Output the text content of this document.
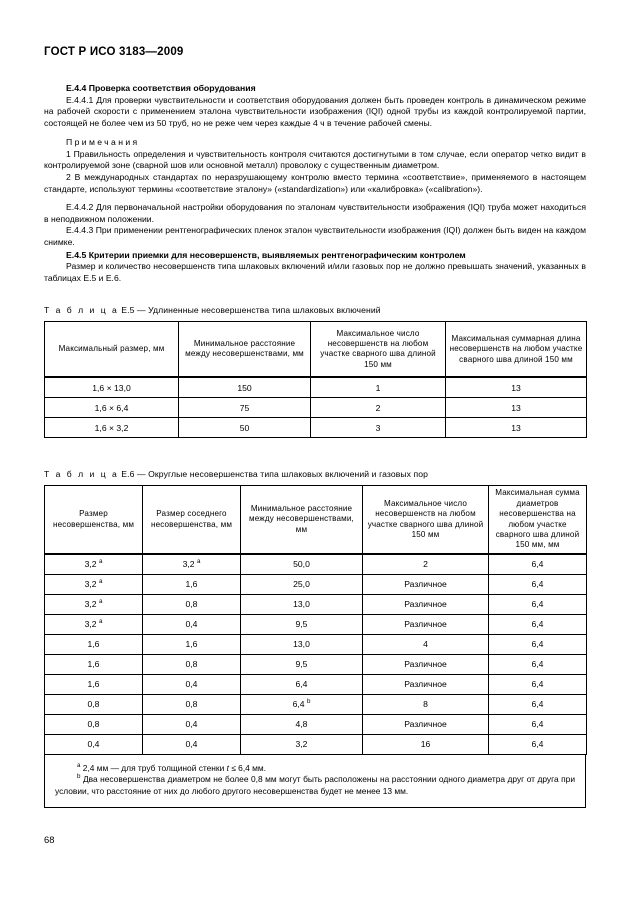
ГОСТ Р ИСО 3183—2009

E.4.4 Проверка соответствия оборудования

E.4.4.1 Для проверки чувствительности и соответствия оборудования должен быть проведен контроль в динамическом режиме на рабочей скорости с применением эталона чувствительности изображения (IQI) одной трубы из каждой контролируемой партии, состоящей не более чем из 50 труб, но не реже чем через каждые 4 ч в течение рабочей смены.

Примечания

1 Правильность определения и чувствительность контроля считаются достигнутыми в том случае, если оператор четко видит в контролируемой зоне (сварной шов или основной металл) проволоку с существенным диаметром.

2 В международных стандартах по неразрушающему контролю вместо термина «соответствие», применяемого в настоящем стандарте, используют термины «соответствие эталону» («standardization») или «калибровка» («calibration»).

E.4.4.2 Для первоначальной настройки оборудования по эталонам чувствительности изображения (IQI) труба может находиться в неподвижном положении.

E.4.4.3 При применении рентгенографических пленок эталон чувствительности изображения (IQI) должен быть виден на каждом снимке.

E.4.5 Критерии приемки для несовершенств, выявляемых рентгенографическим контролем

Размер и количество несовершенств типа шлаковых включений и/или газовых пор не должно превышать значений, указанных в таблицах E.5 и E.6.

Т а б л и ц а E.5 — Удлиненные несовершенства типа шлаковых включений

Максимальный размер, мм	Минимальное расстояние между несовершенствами, мм	Максимальное число несовершенств на любом участке сварного шва длиной 150 мм	Максимальная суммарная длина несовершенств на любом участке сварного шва длиной 150 мм
1,6 × 13,0	150	1	13
1,6 × 6,4	75	2	13
1,6 × 3,2	50	3	13

Т а б л и ц а E.6 — Округлые несовершенства типа шлаковых включений и газовых пор

Размер несовершенства, мм	Размер соседнего несовершенства, мм	Минимальное расстояние между несовершенствами, мм	Максимальное число несовершенств на любом участке сварного шва длиной 150 мм	Максимальная сумма диаметров несовершенства на любом участке сварного шва длиной 150 мм, мм
3,2 $^a$	3,2 $^a$	50,0	2	6,4
3,2 $^a$	1,6	25,0	Различное	6,4
3,2 $^a$	0,8	13,0	Различное	6,4
3,2 $^a$	0,4	9,5	Различное	6,4
1,6	1,6	13,0	4	6,4
1,6	0,8	9,5	Различное	6,4
1,6	0,4	6,4	Различное	6,4
0,8	0,8	6,4 $^b$	8	6,4
0,8	0,4	4,8	Различное	6,4
0,4	0,4	3,2	16	6,4

$^a$ 2,4 мм — для труб толщиной стенки t ≤ 6,4 мм.

$^b$ Два несовершенства диаметром не более 0,8 мм могут быть расположены на расстоянии одного диаметра друг от друга при условии, что расстояние от них до любого другого несовершенства будет не менее 13 мм.

68
